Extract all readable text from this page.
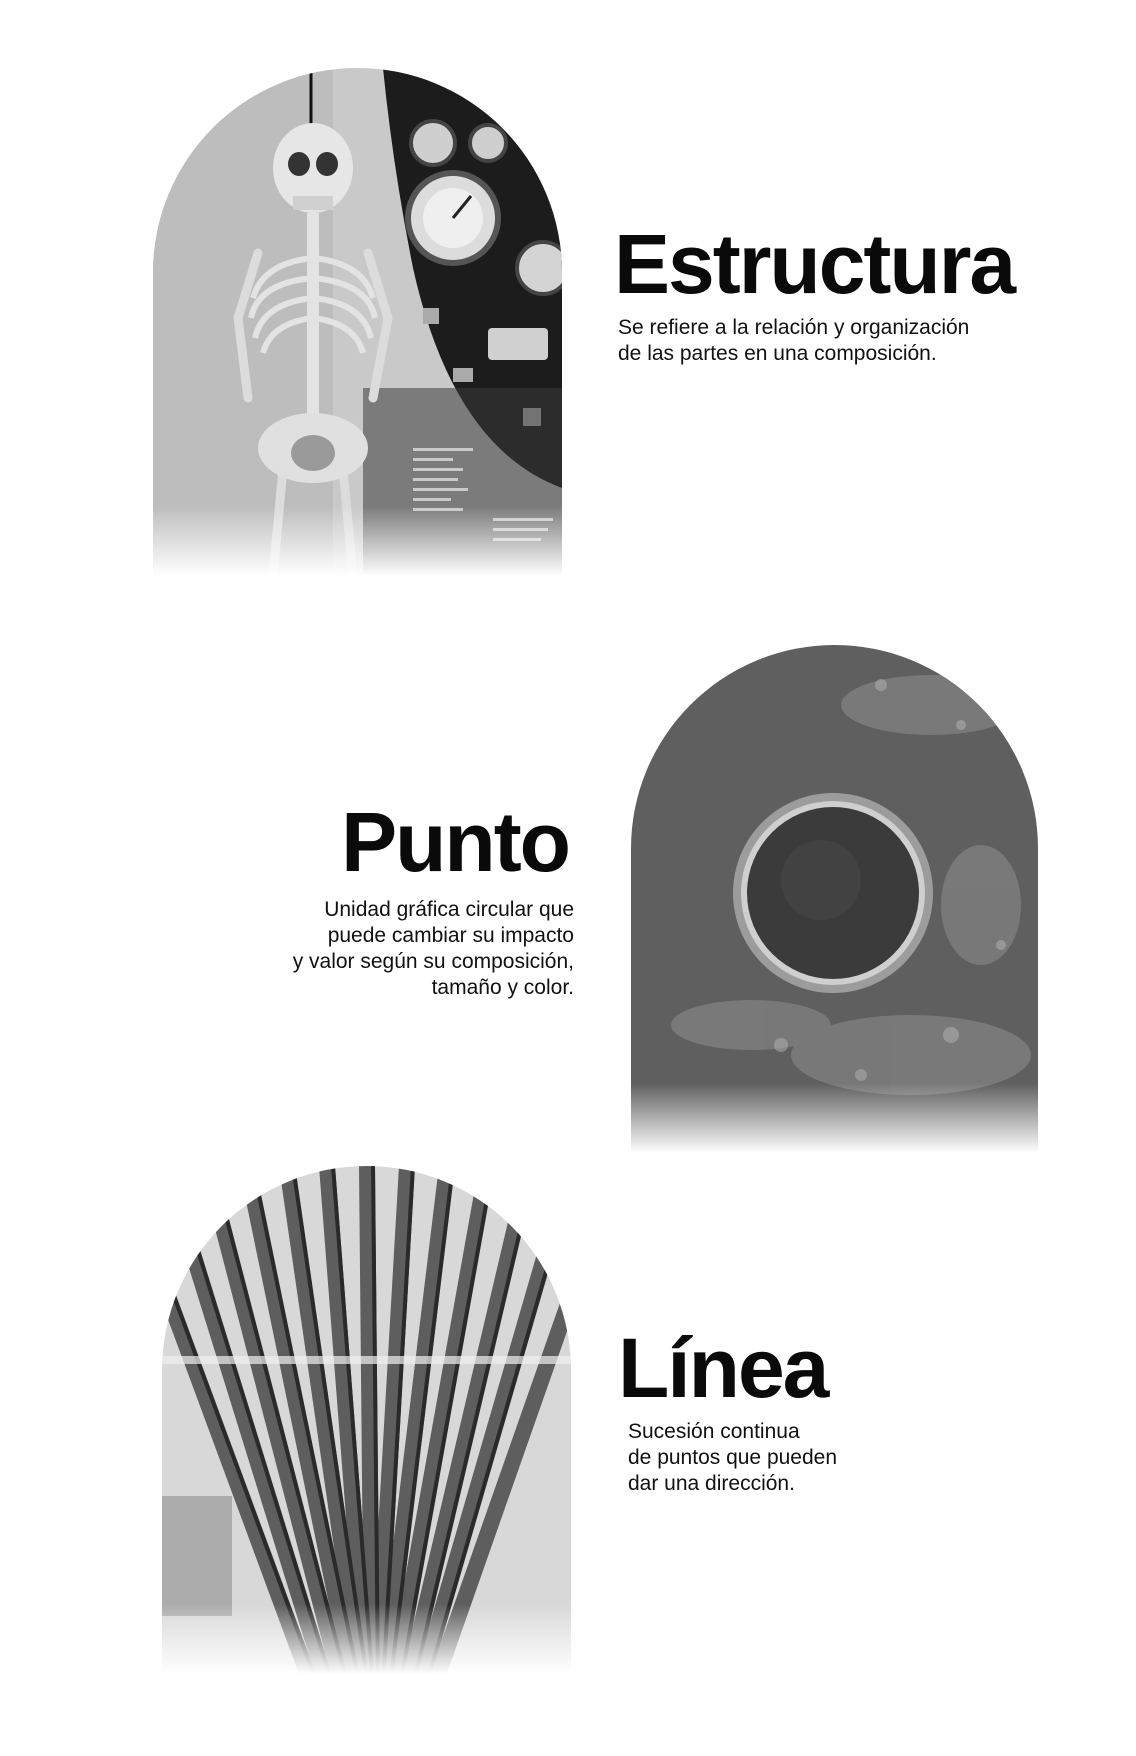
Estructura

Se refiere a la relación y organización
de las partes en una composición.

Punto

Unidad gráfica circular que
puede cambiar su impacto
y valor según su composición,
tamaño y color.

Línea

Sucesión continua
de puntos que pueden
dar una dirección.
